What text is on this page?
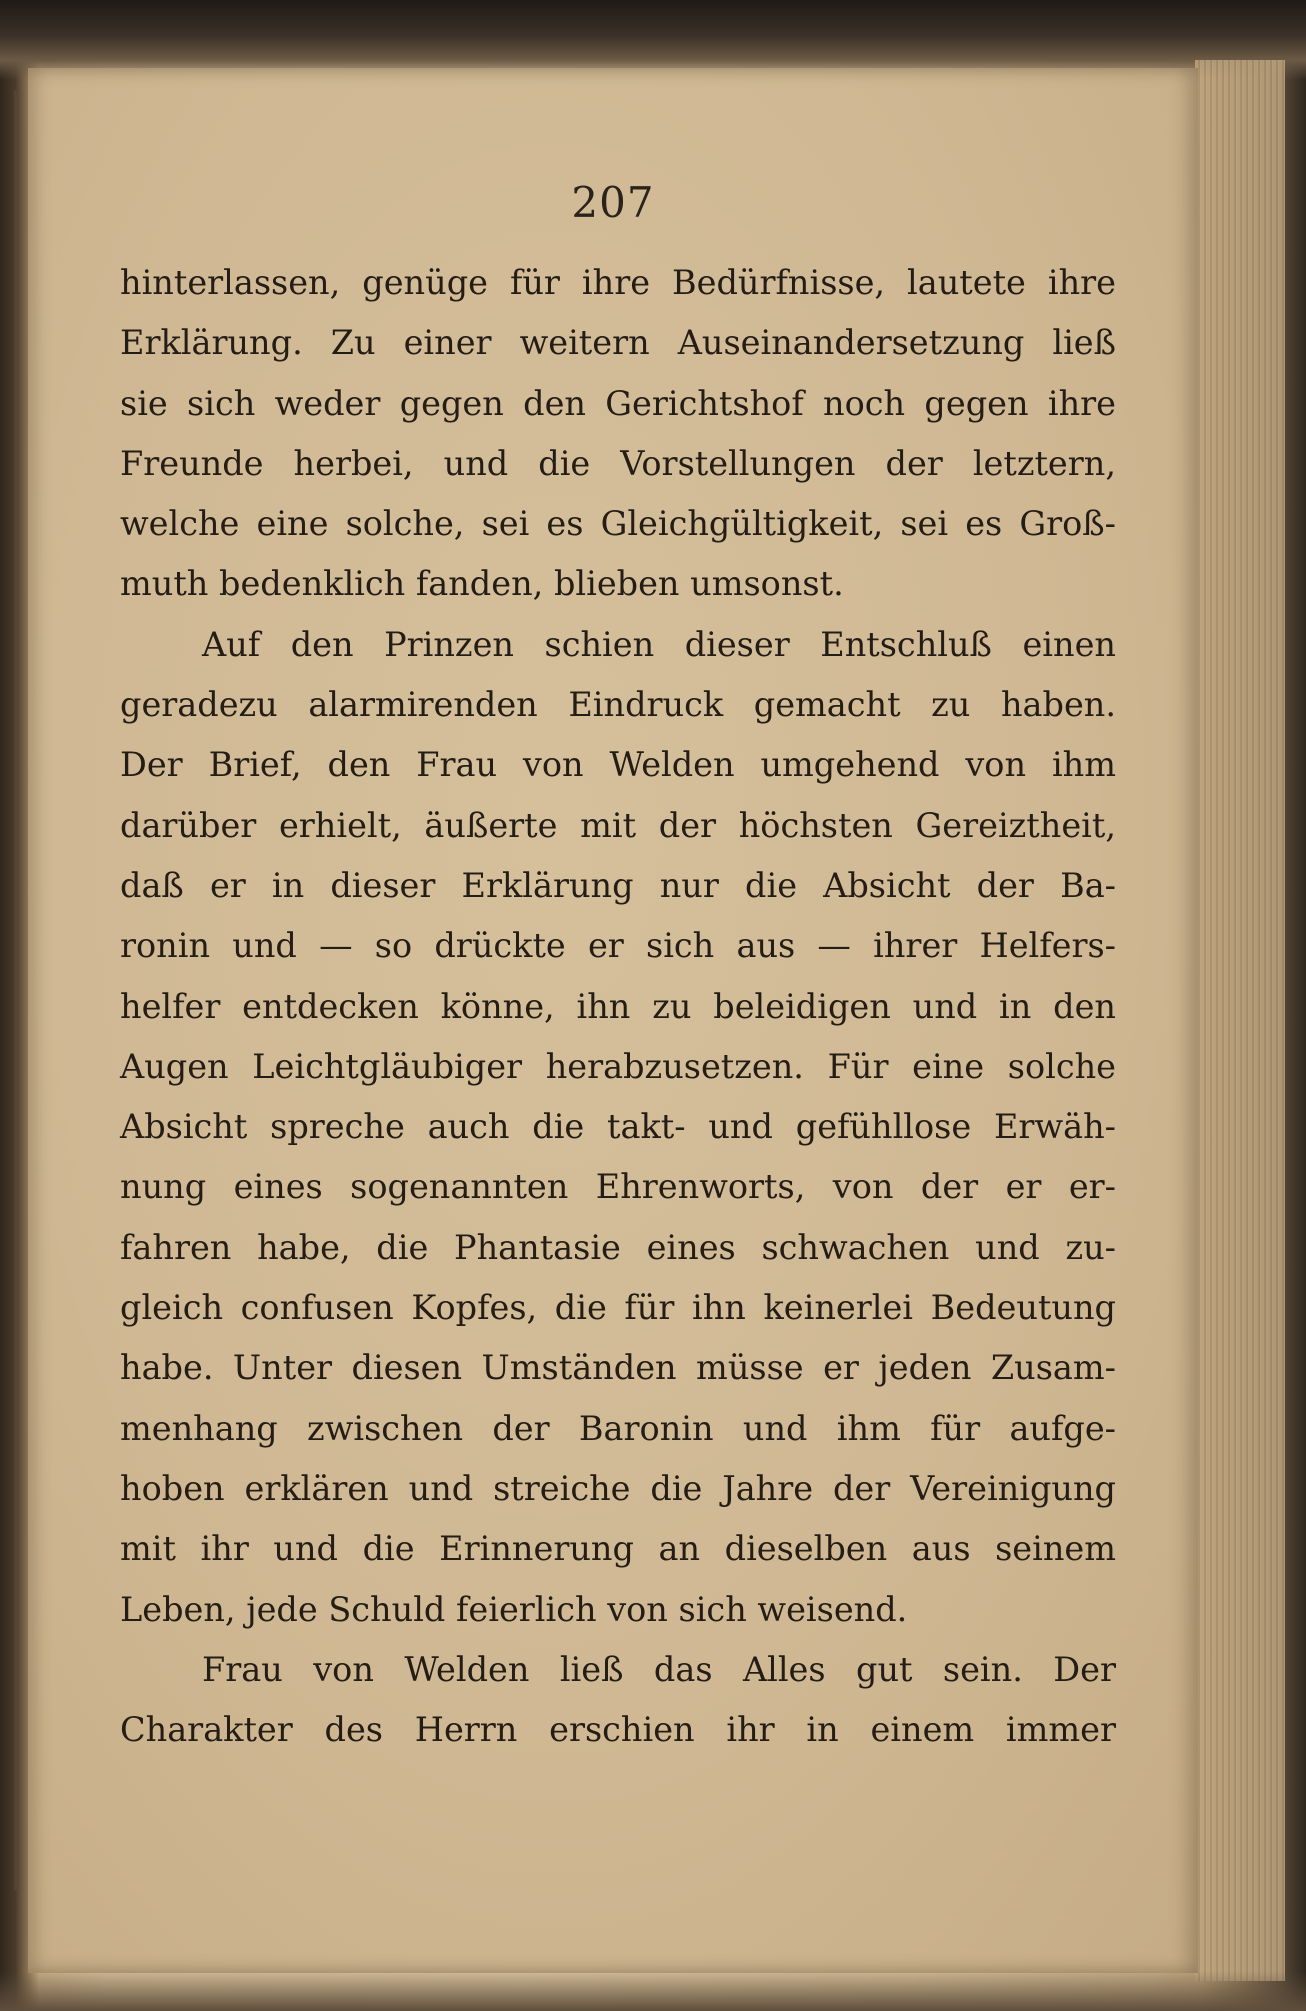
207
hinterlassen, genüge für ihre Bedürfnisse, lautete ihre
Erklärung. Zu einer weitern Auseinandersetzung ließ
sie sich weder gegen den Gerichtshof noch gegen ihre
Freunde herbei, und die Vorstellungen der letztern,
welche eine solche, sei es Gleichgültigkeit, sei es Groß-
muth bedenklich fanden, blieben umsonst.
Auf den Prinzen schien dieser Entschluß einen
geradezu alarmirenden Eindruck gemacht zu haben.
Der Brief, den Frau von Welden umgehend von ihm
darüber erhielt, äußerte mit der höchsten Gereiztheit,
daß er in dieser Erklärung nur die Absicht der Ba-
ronin und — so drückte er sich aus — ihrer Helfers-
helfer entdecken könne, ihn zu beleidigen und in den
Augen Leichtgläubiger herabzusetzen. Für eine solche
Absicht spreche auch die takt- und gefühllose Erwäh-
nung eines sogenannten Ehrenworts, von der er er-
fahren habe, die Phantasie eines schwachen und zu-
gleich confusen Kopfes, die für ihn keinerlei Bedeutung
habe. Unter diesen Umständen müsse er jeden Zusam-
menhang zwischen der Baronin und ihm für aufge-
hoben erklären und streiche die Jahre der Vereinigung
mit ihr und die Erinnerung an dieselben aus seinem
Leben, jede Schuld feierlich von sich weisend.
Frau von Welden ließ das Alles gut sein. Der
Charakter des Herrn erschien ihr in einem immer
